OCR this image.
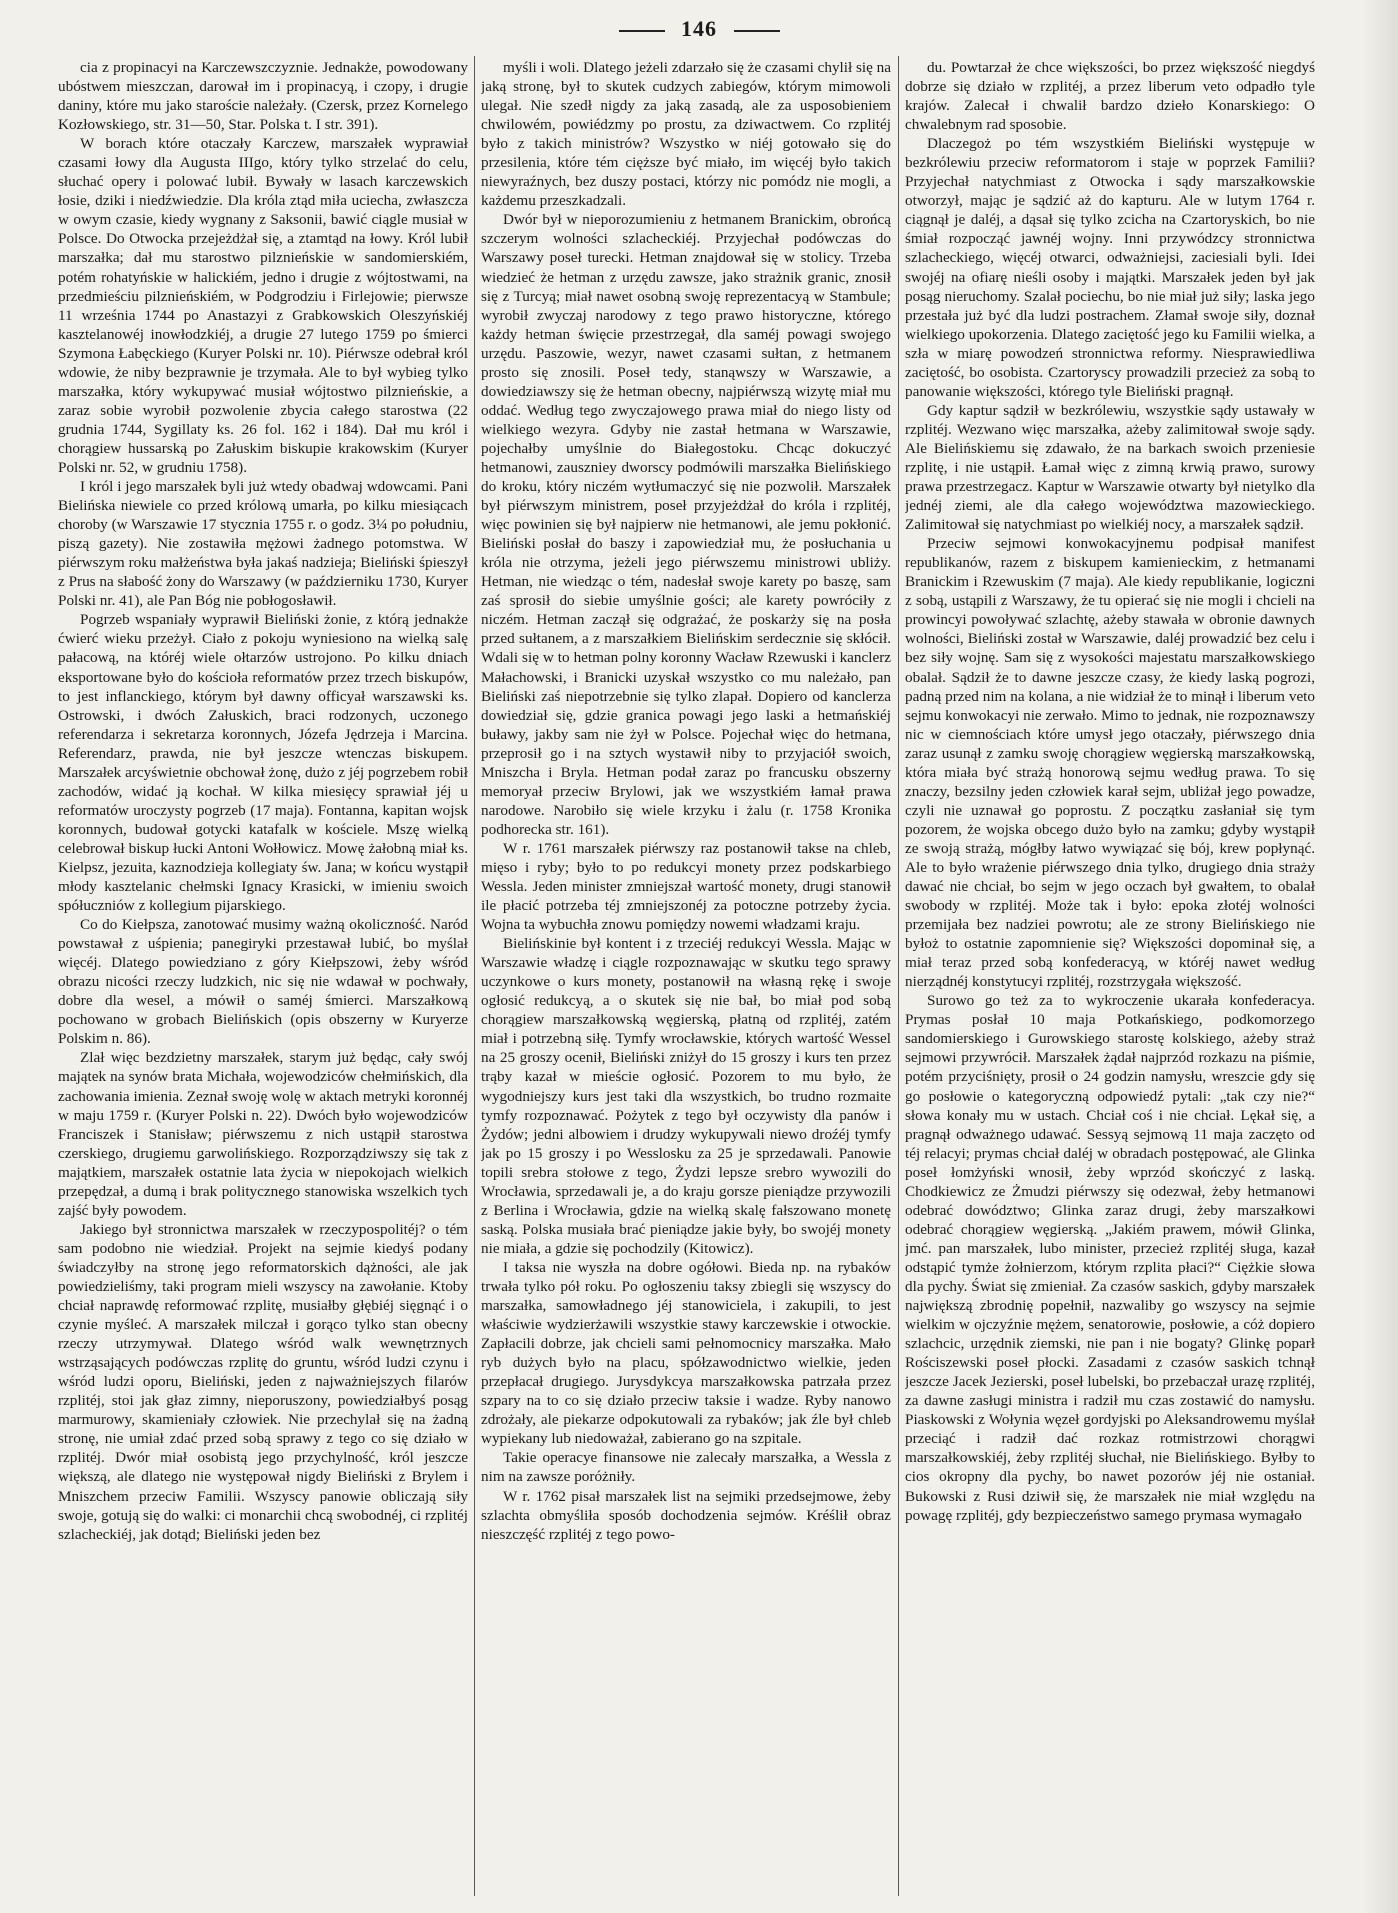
146

cia z propinacyi na Karczewszczyznie. Jednakże, powodowany ubóstwem mieszczan, darował im i propinacyą, i czopy, i drugie daniny, które mu jako staroście należały. (Czersk, przez Kornelego Kozłowskiego, str. 31—50, Star. Polska t. I str. 391).

W borach które otaczały Karczew, marszałek wyprawiał czasami łowy dla Augusta IIIgo, który tylko strzelać do celu, słuchać opery i polować lubił. Bywały w lasach karczewskich łosie, dziki i niedźwiedzie. Dla króla ztąd miła uciecha, zwłaszcza w owym czasie, kiedy wygnany z Saksonii, bawić ciągle musiał w Polsce. Do Otwocka przejeżdżał się, a ztamtąd na łowy. Król lubił marszałka; dał mu starostwo pilznieńskie w sandomierskiém, potém rohatyńskie w halickiém, jedno i drugie z wójtostwami, na przedmieściu pilznieńskiém, w Podgrodziu i Firlejowie; pierwsze 11 września 1744 po Anastazyi z Grabkowskich Oleszyńskiéj kasztelanowéj inowłodzkiéj, a drugie 27 lutego 1759 po śmierci Szymona Łabęckiego (Kuryer Polski nr. 10). Piérwsze odebrał król wdowie, że niby bezprawnie je trzymała. Ale to był wybieg tylko marszałka, który wykupywać musiał wójtostwo pilznieńskie, a zaraz sobie wyrobił pozwolenie zbycia całego starostwa (22 grudnia 1744, Sygillaty ks. 26 fol. 162 i 184). Dał mu król i chorągiew hussarską po Załuskim biskupie krakowskim (Kuryer Polski nr. 52, w grudniu 1758).

I król i jego marszałek byli już wtedy obadwaj wdowcami. Pani Bielińska niewiele co przed królową umarła, po kilku miesiącach choroby (w Warszawie 17 stycznia 1755 r. o godz. 3¼ po południu, piszą gazety). Nie zostawiła mężowi żadnego potomstwa. W piérwszym roku małżeństwa była jakaś nadzieja; Bieliński śpieszył z Prus na słabość żony do Warszawy (w październiku 1730, Kuryer Polski nr. 41), ale Pan Bóg nie pobłogosławił.

Pogrzeb wspaniały wyprawił Bieliński żonie, z którą jednakże ćwierć wieku przeżył. Ciało z pokoju wyniesiono na wielką salę pałacową, na któréj wiele ołtarzów ustrojono. Po kilku dniach eksportowane było do kościoła reformatów przez trzech biskupów, to jest inflanckiego, którym był dawny officyał warszawski ks. Ostrowski, i dwóch Załuskich, braci rodzonych, uczonego referendarza i sekretarza koronnych, Józefa Jędrzeja i Marcina. Referendarz, prawda, nie był jeszcze wtenczas biskupem. Marszałek arcyświetnie obchował żonę, dużo z jéj pogrzebem robił zachodów, widać ją kochał. W kilka miesięcy sprawiał jéj u reformatów uroczysty pogrzeb (17 maja). Fontanna, kapitan wojsk koronnych, budował gotycki katafalk w kościele. Mszę wielką celebrował biskup łucki Antoni Wołłowicz. Mowę żałobną miał ks. Kielpsz, jezuita, kaznodzieja kollegiaty św. Jana; w końcu wystąpił młody kasztelanic chełmski Ignacy Krasicki, w imieniu swoich spółuczniów z kollegium pijarskiego.

Co do Kiełpsza, zanotować musimy ważną okoliczność. Naród powstawał z uśpienia; panegiryki przestawał lubić, bo myślał więcéj. Dlatego powiedziano z góry Kiełpszowi, żeby wśród obrazu nicości rzeczy ludzkich, nic się nie wdawał w pochwały, dobre dla wesel, a mówił o saméj śmierci. Marszałkową pochowano w grobach Bielińskich (opis obszerny w Kuryerze Polskim n. 86).

Zlał więc bezdzietny marszałek, starym już będąc, cały swój majątek na synów brata Michała, wojewodziców chełmińskich, dla zachowania imienia. Zeznał swoję wolę w aktach metryki koronnéj w maju 1759 r. (Kuryer Polski n. 22). Dwóch było wojewodziców Franciszek i Stanisław; piérwszemu z nich ustąpił starostwa czerskiego, drugiemu garwolińskiego. Rozporządziwszy się tak z majątkiem, marszałek ostatnie lata życia w niepokojach wielkich przepędzał, a dumą i brak politycznego stanowiska wszelkich tych zajść były powodem.

Jakiego był stronnictwa marszałek w rzeczypospolitéj? o tém sam podobno nie wiedział. Projekt na sejmie kiedyś podany świadczyłby na stronę jego reformatorskich dążności, ale jak powiedzieliśmy, taki program mieli wszyscy na zawołanie. Ktoby chciał naprawdę reformować rzplitę, musiałby głębiéj sięgnąć i o czynie myśleć. A marszałek milczał i gorąco tylko stan obecny rzeczy utrzymywał. Dlatego wśród walk wewnętrznych wstrząsających podówczas rzplitę do gruntu, wśród ludzi czynu i wśród ludzi oporu, Bieliński, jeden z najważniejszych filarów rzplitéj, stoi jak głaz zimny, nieporuszony, powiedziałbyś posąg marmurowy, skamieniały człowiek. Nie przechylał się na żadną stronę, nie umiał zdać przed sobą sprawy z tego co się działo w rzplitéj. Dwór miał osobistą jego przychylność, król jeszcze większą, ale dlatego nie występował nigdy Bieliński z Brylem i Mniszchem przeciw Familii. Wszyscy panowie obliczają siły swoje, gotują się do walki: ci monarchii chcą swobodnéj, ci rzplitéj szlacheckiéj, jak dotąd; Bieliński jeden bez

myśli i woli. Dlatego jeżeli zdarzało się że czasami chylił się na jaką stronę, był to skutek cudzych zabiegów, którym mimowoli ulegał. Nie szedł nigdy za jaką zasadą, ale za usposobieniem chwilowém, powiédzmy po prostu, za dziwactwem. Co rzplitéj było z takich ministrów? Wszystko w niéj gotowało się do przesilenia, które tém cięższe być miało, im więcéj było takich niewyraźnych, bez duszy postaci, którzy nic pomódz nie mogli, a każdemu przeszkadzali.

Dwór był w nieporozumieniu z hetmanem Branickim, obrońcą szczerym wolności szlacheckiéj. Przyjechał podówczas do Warszawy poseł turecki. Hetman znajdował się w stolicy. Trzeba wiedzieć że hetman z urzędu zawsze, jako strażnik granic, znosił się z Turcyą; miał nawet osobną swoję reprezentacyą w Stambule; wyrobił zwyczaj narodowy z tego prawo historyczne, którego każdy hetman święcie przestrzegał, dla saméj powagi swojego urzędu. Paszowie, wezyr, nawet czasami sułtan, z hetmanem prosto się znosili. Poseł tedy, stanąwszy w Warszawie, a dowiedziawszy się że hetman obecny, najpiérwszą wizytę miał mu oddać. Według tego zwyczajowego prawa miał do niego listy od wielkiego wezyra. Gdyby nie zastał hetmana w Warszawie, pojechałby umyślnie do Białegostoku. Chcąc dokuczyć hetmanowi, zauszniey dworscy podmówili marszałka Bielińskiego do kroku, który niczém wytłumaczyć się nie pozwolił. Marszałek był piérwszym ministrem, poseł przyjeżdżał do króla i rzplitéj, więc powinien się był najpierw nie hetmanowi, ale jemu pokłonić. Bieliński posłał do baszy i zapowiedział mu, że posłuchania u króla nie otrzyma, jeżeli jego piérwszemu ministrowi ubliży. Hetman, nie wiedząc o tém, nadesłał swoje karety po baszę, sam zaś sprosił do siebie umyślnie gości; ale karety powróciły z niczém. Hetman zaczął się odgrażać, że poskarży się na posła przed sułtanem, a z marszałkiem Bielińskim serdecznie się skłócił. Wdali się w to hetman polny koronny Wacław Rzewuski i kanclerz Małachowski, i Branicki uzyskał wszystko co mu należało, pan Bieliński zaś niepotrzebnie się tylko zlapał. Dopiero od kanclerza dowiedział się, gdzie granica powagi jego laski a hetmańskiéj buławy, jakby sam nie żył w Polsce. Pojechał więc do hetmana, przeprosił go i na sztych wystawił niby to przyjaciół swoich, Mniszcha i Bryla. Hetman podał zaraz po francusku obszerny memoryał przeciw Brylowi, jak we wszystkiém łamał prawa narodowe. Narobiło się wiele krzyku i żalu (r. 1758 Kronika podhorecka str. 161).

W r. 1761 marszałek piérwszy raz postanowił takse na chleb, mięso i ryby; było to po redukcyi monety przez podskarbiego Wessla. Jeden minister zmniejszał wartość monety, drugi stanowił ile płacić potrzeba téj zmniejszonéj za potoczne potrzeby życia. Wojna ta wybuchła znowu pomiędzy nowemi władzami kraju.

Bielińskinie był kontent i z trzeciéj redukcyi Wessla. Mając w Warszawie władzę i ciągle rozpoznawając w skutku tego sprawy uczynkowe o kurs monety, postanowił na własną rękę i swoje ogłosić redukcyą, a o skutek się nie bał, bo miał pod sobą chorągiew marszałkowską węgierską, płatną od rzplitéj, zatém miał i potrzebną siłę. Tymfy wrocławskie, których wartość Wessel na 25 groszy ocenił, Bieliński zniżył do 15 groszy i kurs ten przez trąby kazał w mieście ogłosić. Pozorem to mu było, że wygodniejszy kurs jest taki dla wszystkich, bo trudno rozmaite tymfy rozpoznawać. Pożytek z tego był oczywisty dla panów i Żydów; jedni albowiem i drudzy wykupywali niewo droźéj tymfy jak po 15 groszy i po Wesslosku za 25 je sprzedawali. Panowie topili srebra stołowe z tego, Żydzi lepsze srebro wywozili do Wrocławia, sprzedawali je, a do kraju gorsze pieniądze przywozili z Berlina i Wrocławia, gdzie na wielką skalę fałszowano monetę saską. Polska musiała brać pieniądze jakie były, bo swojéj monety nie miała, a gdzie się pochodzily (Kitowicz).

I taksa nie wyszła na dobre ogółowi. Bieda np. na rybaków trwała tylko pół roku. Po ogłoszeniu taksy zbiegli się wszyscy do marszałka, samowładnego jéj stanowiciela, i zakupili, to jest właściwie wydzierżawili wszystkie stawy karczewskie i otwockie. Zapłacili dobrze, jak chcieli sami pełnomocnicy marszałka. Mało ryb dużych było na placu, spółzawodnictwo wielkie, jeden przepłacał drugiego. Jurysdykcya marszałkowska patrzała przez szpary na to co się działo przeciw taksie i wadze. Ryby nanowo zdrożały, ale piekarze odpokutowali za rybaków; jak źle był chleb wypiekany lub niedoważał, zabierano go na szpitale.

Takie operacye finansowe nie zalecały marszałka, a Wessla z nim na zawsze poróżniły.

W r. 1762 pisał marszałek list na sejmiki przedsejmowe, żeby szlachta obmyśliła sposób dochodzenia sejmów. Kréślił obraz nieszczęść rzplitéj z tego powo-

du. Powtarzał że chce większości, bo przez większość niegdyś dobrze się działo w rzplitéj, a przez liberum veto odpadło tyle krajów. Zalecał i chwalił bardzo dzieło Konarskiego: O chwalebnym rad sposobie.

Dlaczegoż po tém wszystkiém Bieliński występuje w bezkrólewiu przeciw reformatorom i staje w poprzek Familii? Przyjechał natychmiast z Otwocka i sądy marszałkowskie otworzył, mając je sądzić aż do kapturu. Ale w lutym 1764 r. ciągnął je daléj, a dąsał się tylko zcicha na Czartoryskich, bo nie śmiał rozpocząć jawnéj wojny. Inni przywódzcy stronnictwa szlacheckiego, więcéj otwarci, odważniejsi, zaciesiali byli. Idei swojéj na ofiarę nieśli osoby i majątki. Marszałek jeden był jak posąg nieruchomy. Szalał pociechu, bo nie miał już siły; laska jego przestała już być dla ludzi postrachem. Złamał swoje siły, doznał wielkiego upokorzenia. Dlatego zaciętość jego ku Familii wielka, a szła w miarę powodzeń stronnictwa reformy. Niesprawiedliwa zaciętość, bo osobista. Czartoryscy prowadzili przecież za sobą to panowanie większości, którego tyle Bieliński pragnął.

Gdy kaptur sądził w bezkrólewiu, wszystkie sądy ustawały w rzplitéj. Wezwano więc marszałka, ażeby zalimitował swoje sądy. Ale Bielińskiemu się zdawało, że na barkach swoich przeniesie rzplitę, i nie ustąpił. Łamał więc z zimną krwią prawo, surowy prawa przestrzegacz. Kaptur w Warszawie otwarty był nietylko dla jednéj ziemi, ale dla całego województwa mazowieckiego. Zalimitował się natychmiast po wielkiéj nocy, a marszałek sądził.

Przeciw sejmowi konwokacyjnemu podpisał manifest republikanów, razem z biskupem kamienieckim, z hetmanami Branickim i Rzewuskim (7 maja). Ale kiedy republikanie, logiczni z sobą, ustąpili z Warszawy, że tu opierać się nie mogli i chcieli na prowincyi powoływać szlachtę, ażeby stawała w obronie dawnych wolności, Bieliński został w Warszawie, daléj prowadzić bez celu i bez siły wojnę. Sam się z wysokości majestatu marszałkowskiego obalał. Sądził że to dawne jeszcze czasy, że kiedy laską pogrozi, padną przed nim na kolana, a nie widział że to minął i liberum veto sejmu konwokacyi nie zerwało. Mimo to jednak, nie rozpoznawszy nic w ciemnościach które umysł jego otaczały, piérwszego dnia zaraz usunął z zamku swoję chorągiew węgierską marszałkowską, która miała być strażą honorową sejmu według prawa. To się znaczy, bezsilny jeden człowiek karał sejm, ubliżał jego powadze, czyli nie uznawał go poprostu. Z początku zasłaniał się tym pozorem, że wojska obcego dużo było na zamku; gdyby wystąpił ze swoją strażą, mógłby łatwo wywiązać się bój, krew popłynąć. Ale to było wrażenie piérwszego dnia tylko, drugiego dnia straży dawać nie chciał, bo sejm w jego oczach był gwałtem, to obalał swobody w rzplitéj. Może tak i było: epoka złotéj wolności przemijała bez nadziei powrotu; ale ze strony Bielińskiego nie byłoż to ostatnie zapomnienie się? Większości dopominał się, a miał teraz przed sobą konfederacyą, w któréj nawet według nierządnéj konstytucyi rzplitéj, rozstrzygała większość.

Surowo go też za to wykroczenie ukarała konfederacya. Prymas posłał 10 maja Potkańskiego, podkomorzego sandomierskiego i Gurowskiego starostę kolskiego, ażeby straż sejmowi przywrócił. Marszałek żądał najprzód rozkazu na piśmie, potém przyciśnięty, prosił o 24 godzin namysłu, wreszcie gdy się go posłowie o kategoryczną odpowiedź pytali: „tak czy nie?“ słowa konały mu w ustach. Chciał coś i nie chciał. Lękał się, a pragnął odważnego udawać. Sessyą sejmową 11 maja zaczęto od téj relacyi; prymas chciał daléj w obradach postępować, ale Glinka poseł łomżyński wnosił, żeby wprzód skończyć z laską. Chodkiewicz ze Żmudzi piérwszy się odezwał, żeby hetmanowi odebrać dowództwo; Glinka zaraz drugi, żeby marszałkowi odebrać chorągiew węgierską. „Jakiém prawem, mówił Glinka, jmć. pan marszałek, lubo minister, przecież rzplitéj sługa, kazał odstąpić tymże żołnierzom, którym rzplita płaci?“ Ciężkie słowa dla pychy. Świat się zmieniał. Za czasów saskich, gdyby marszałek największą zbrodnię popełnił, nazwaliby go wszyscy na sejmie wielkim w ojczyźnie mężem, senatorowie, posłowie, a cóż dopiero szlachcic, urzędnik ziemski, nie pan i nie bogaty? Glinkę poparł Rościszewski poseł płocki. Zasadami z czasów saskich tchnął jeszcze Jacek Jezierski, poseł lubelski, bo przebaczał urazę rzplitéj, za dawne zasługi ministra i radził mu czas zostawić do namysłu. Piaskowski z Wołynia węzeł gordyjski po Aleksandrowemu myślał przeciąć i radził dać rozkaz rotmistrzowi chorągwi marszałkowskiéj, żeby rzplitéj słuchał, nie Bielińskiego. Byłby to cios okropny dla pychy, bo nawet pozorów jéj nie ostaniał. Bukowski z Rusi dziwił się, że marszałek nie miał względu na powagę rzplitéj, gdy bezpieczeństwo samego prymasa wymagało
